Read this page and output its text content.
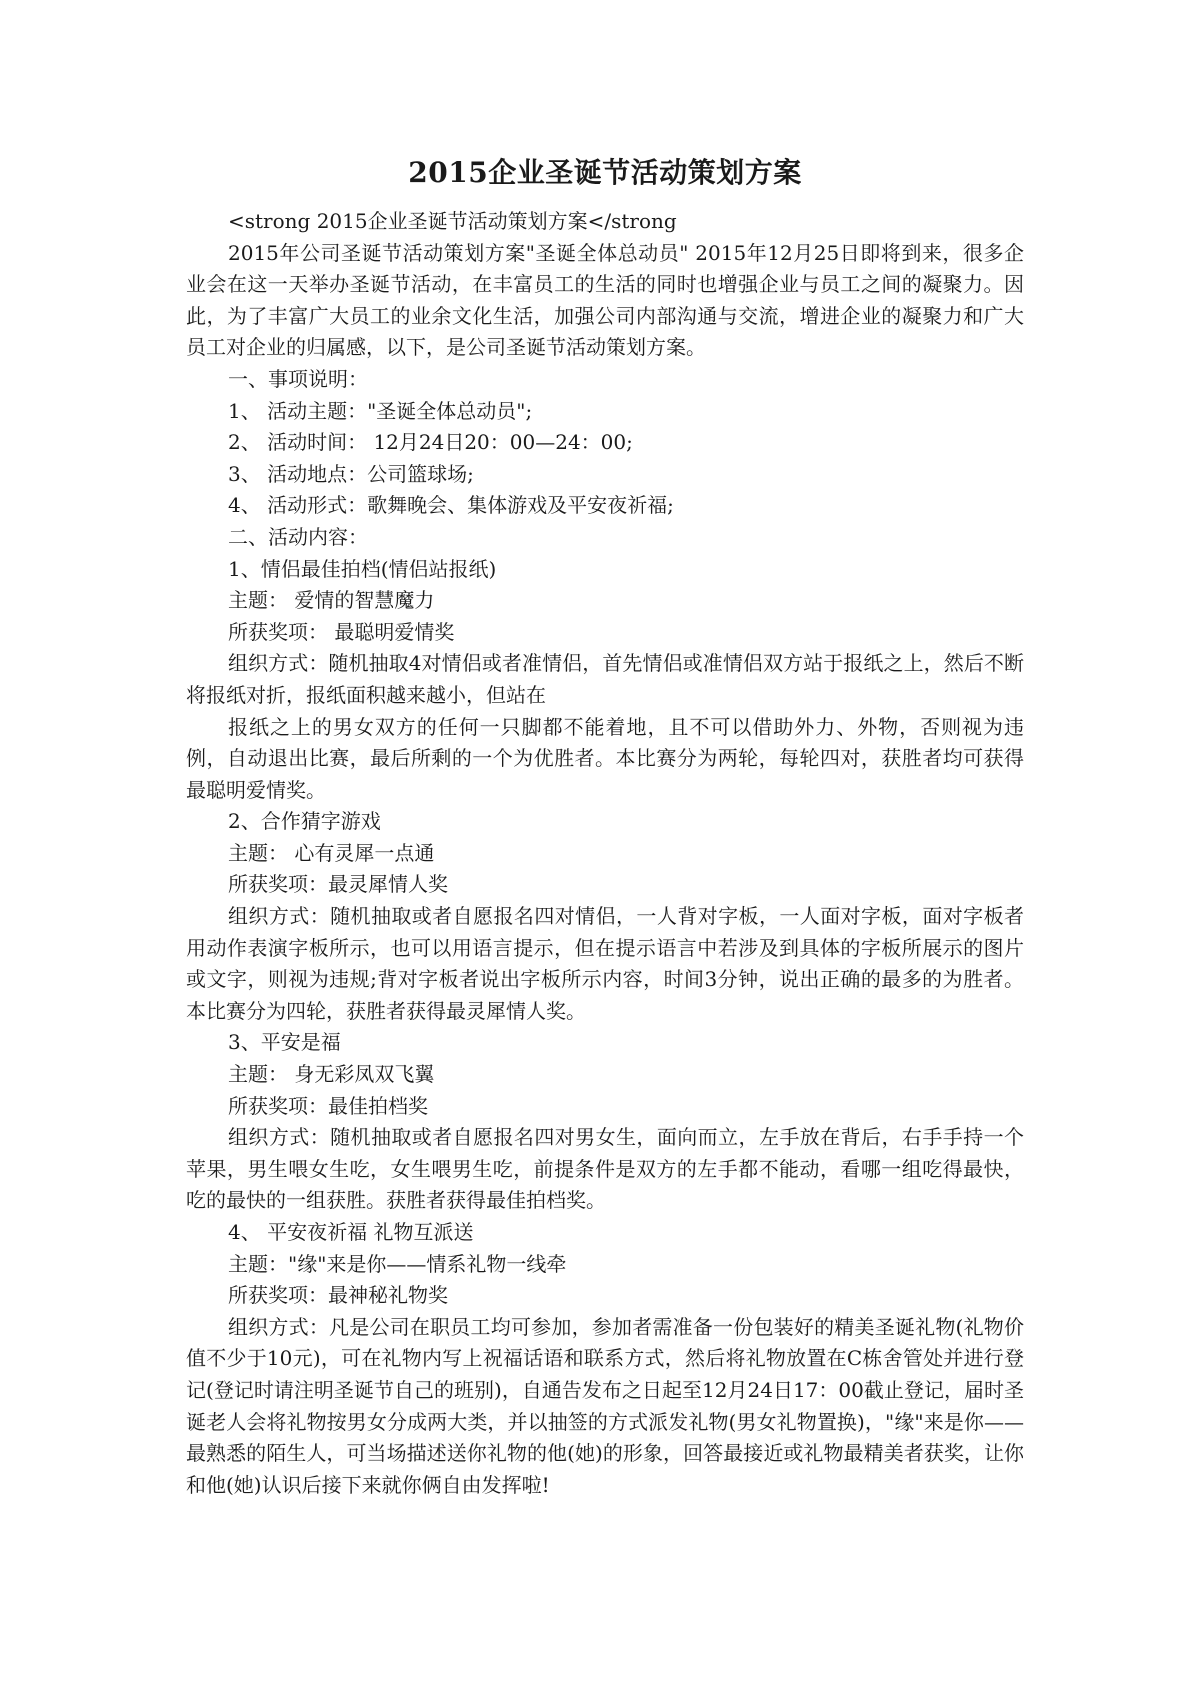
2015企业圣诞节活动策划方案

<strong 2015企业圣诞节活动策划方案</strong

2015年公司圣诞节活动策划方案"圣诞全体总动员" 2015年12月25日即将到来，很多企业会在这一天举办圣诞节活动，在丰富员工的生活的同时也增强企业与员工之间的凝聚力。因此，为了丰富广大员工的业余文化生活，加强公司内部沟通与交流，增进企业的凝聚力和广大员工对企业的归属感，以下，是公司圣诞节活动策划方案。

一、事项说明：

1、 活动主题："圣诞全体总动员";

2、 活动时间： 12月24日20：00—24：00;

3、 活动地点：公司篮球场;

4、 活动形式：歌舞晚会、集体游戏及平安夜祈福;

二、活动内容：

1、情侣最佳拍档(情侣站报纸)

主题： 爱情的智慧魔力

所获奖项： 最聪明爱情奖

组织方式：随机抽取4对情侣或者准情侣，首先情侣或准情侣双方站于报纸之上，然后不断将报纸对折，报纸面积越来越小，但站在

报纸之上的男女双方的任何一只脚都不能着地，且不可以借助外力、外物，否则视为违例，自动退出比赛，最后所剩的一个为优胜者。本比赛分为两轮，每轮四对，获胜者均可获得最聪明爱情奖。

2、合作猜字游戏

主题： 心有灵犀一点通

所获奖项：最灵犀情人奖

组织方式：随机抽取或者自愿报名四对情侣，一人背对字板，一人面对字板，面对字板者用动作表演字板所示，也可以用语言提示，但在提示语言中若涉及到具体的字板所展示的图片或文字，则视为违规;背对字板者说出字板所示内容，时间3分钟，说出正确的最多的为胜者。本比赛分为四轮，获胜者获得最灵犀情人奖。

3、平安是福

主题： 身无彩凤双飞翼

所获奖项：最佳拍档奖

组织方式：随机抽取或者自愿报名四对男女生，面向而立，左手放在背后，右手手持一个苹果，男生喂女生吃，女生喂男生吃，前提条件是双方的左手都不能动，看哪一组吃得最快，吃的最快的一组获胜。获胜者获得最佳拍档奖。

4、 平安夜祈福 礼物互派送

主题："缘"来是你——情系礼物一线牵

所获奖项：最神秘礼物奖

组织方式：凡是公司在职员工均可参加，参加者需准备一份包装好的精美圣诞礼物(礼物价值不少于10元)，可在礼物内写上祝福话语和联系方式，然后将礼物放置在C栋舍管处并进行登记(登记时请注明圣诞节自己的班别)，自通告发布之日起至12月24日17：00截止登记，届时圣诞老人会将礼物按男女分成两大类，并以抽签的方式派发礼物(男女礼物置换)，"缘"来是你——最熟悉的陌生人，可当场描述送你礼物的他(她)的形象，回答最接近或礼物最精美者获奖，让你和他(她)认识后接下来就你俩自由发挥啦!
